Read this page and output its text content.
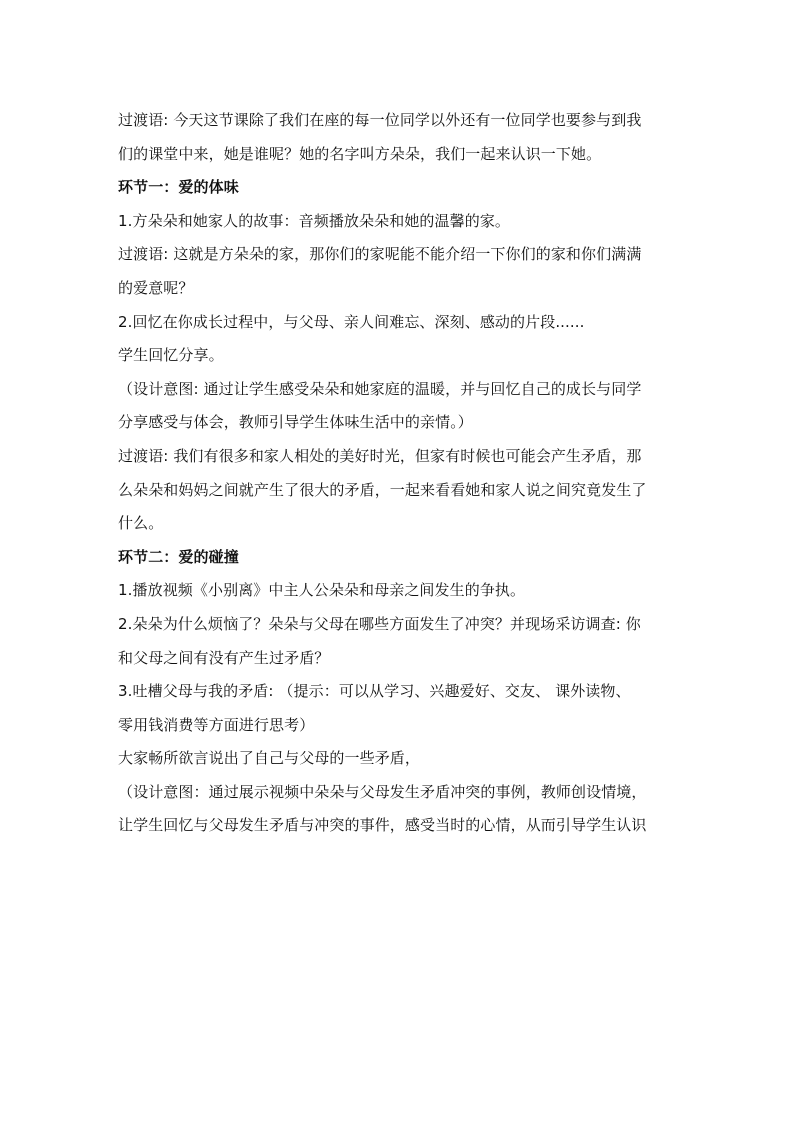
过渡语: 今天这节课除了我们在座的每一位同学以外还有一位同学也要参与到我
们的课堂中来，她是谁呢？她的名字叫方朵朵，我们一起来认识一下她。
环节一：爱的体味
1.方朵朵和她家人的故事：音频播放朵朵和她的温馨的家。
过渡语: 这就是方朵朵的家，那你们的家呢能不能介绍一下你们的家和你们满满
的爱意呢？
2.回忆在你成长过程中，与父母、亲人间难忘、深刻、感动的片段......
学生回忆分享。
（设计意图: 通过让学生感受朵朵和她家庭的温暖，并与回忆自己的成长与同学
分享感受与体会，教师引导学生体味生活中的亲情。）
过渡语: 我们有很多和家人相处的美好时光，但家有时候也可能会产生矛盾，那
么朵朵和妈妈之间就产生了很大的矛盾，一起来看看她和家人说之间究竟发生了
什么。
环节二：爱的碰撞
1.播放视频《小别离》中主人公朵朵和母亲之间发生的争执。
2.朵朵为什么烦恼了？朵朵与父母在哪些方面发生了冲突？并现场采访调查: 你
和父母之间有没有产生过矛盾？
3.吐槽父母与我的矛盾: （提示：可以从学习、兴趣爱好、交友、 课外读物、
零用钱消费等方面进行思考）
大家畅所欲言说出了自己与父母的一些矛盾，
（设计意图：通过展示视频中朵朵与父母发生矛盾冲突的事例，教师创设情境，
让学生回忆与父母发生矛盾与冲突的事件，感受当时的心情，从而引导学生认识
